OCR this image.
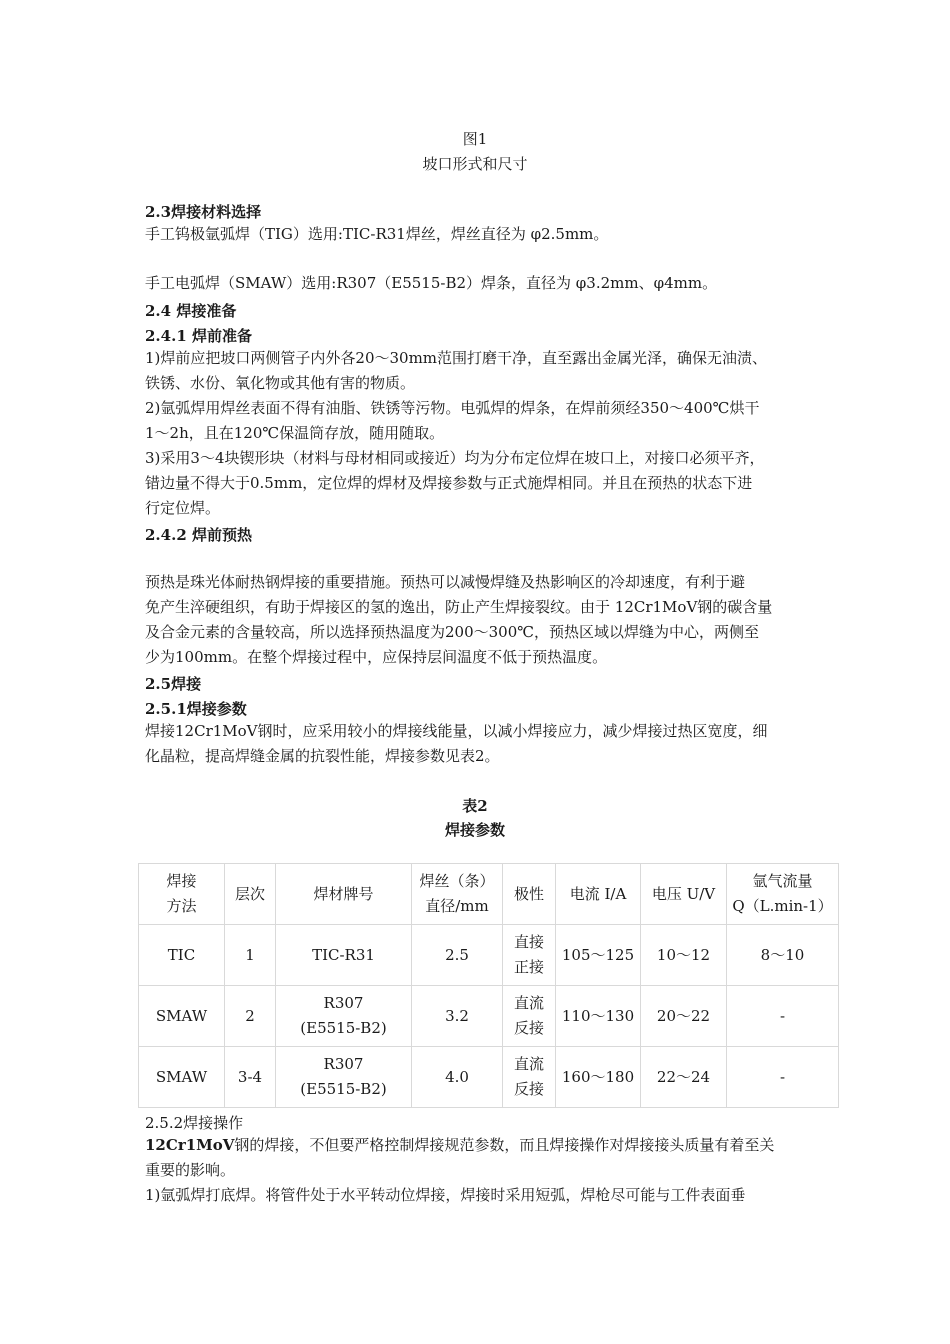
图1
坡口形式和尺寸
2.3焊接材料选择
手工钨极氩弧焊（TIG）选用:TIC-R31焊丝，焊丝直径为 φ2.5mm。
手工电弧焊（SMAW）选用:R307（E5515-B2）焊条，直径为 φ3.2mm、φ4mm。
2.4 焊接准备
2.4.1 焊前准备
1)焊前应把坡口两侧管子内外各20～30mm范围打磨干净，直至露出金属光泽，确保无油渍、
铁锈、水份、氧化物或其他有害的物质。
2)氩弧焊用焊丝表面不得有油脂、铁锈等污物。电弧焊的焊条，在焊前须经350～400℃烘干
1～2h，且在120℃保温筒存放，随用随取。
3)采用3～4块锲形块（材料与母材相同或接近）均为分布定位焊在坡口上，对接口必须平齐，
错边量不得大于0.5mm，定位焊的焊材及焊接参数与正式施焊相同。并且在预热的状态下进
行定位焊。
2.4.2 焊前预热
预热是珠光体耐热钢焊接的重要措施。预热可以减慢焊缝及热影响区的冷却速度，有利于避
免产生淬硬组织，有助于焊接区的氢的逸出，防止产生焊接裂纹。由于 12Cr1MoV钢的碳含量
及合金元素的含量较高，所以选择预热温度为200～300℃，预热区域以焊缝为中心，两侧至
少为100mm。在整个焊接过程中，应保持层间温度不低于预热温度。
2.5焊接
2.5.1焊接参数
焊接12Cr1MoV钢时，应采用较小的焊接线能量，以减小焊接应力，减少焊接过热区宽度，细
化晶粒，提高焊缝金属的抗裂性能，焊接参数见表2。
表2
焊接参数
焊接
方法	层次	焊材牌号	焊丝（条）
直径/mm	极性	电流 I/A	电压 U/V	氩气流量
Q（L.min-1）

TIC	1	TIC-R31	2.5	直接
正接	105～125	10～12	8～10

SMAW	2	R307
(E5515-B2)	3.2	直流
反接	110～130	20～22	-

SMAW	3-4	R307
(E5515-B2)	4.0	直流
反接	160～180	22～24	-
2.5.2焊接操作
12Cr1MoV钢的焊接，不但要严格控制焊接规范参数，而且焊接操作对焊接接头质量有着至关
重要的影响。
1)氩弧焊打底焊。将管件处于水平转动位焊接，焊接时采用短弧，焊枪尽可能与工件表面垂
